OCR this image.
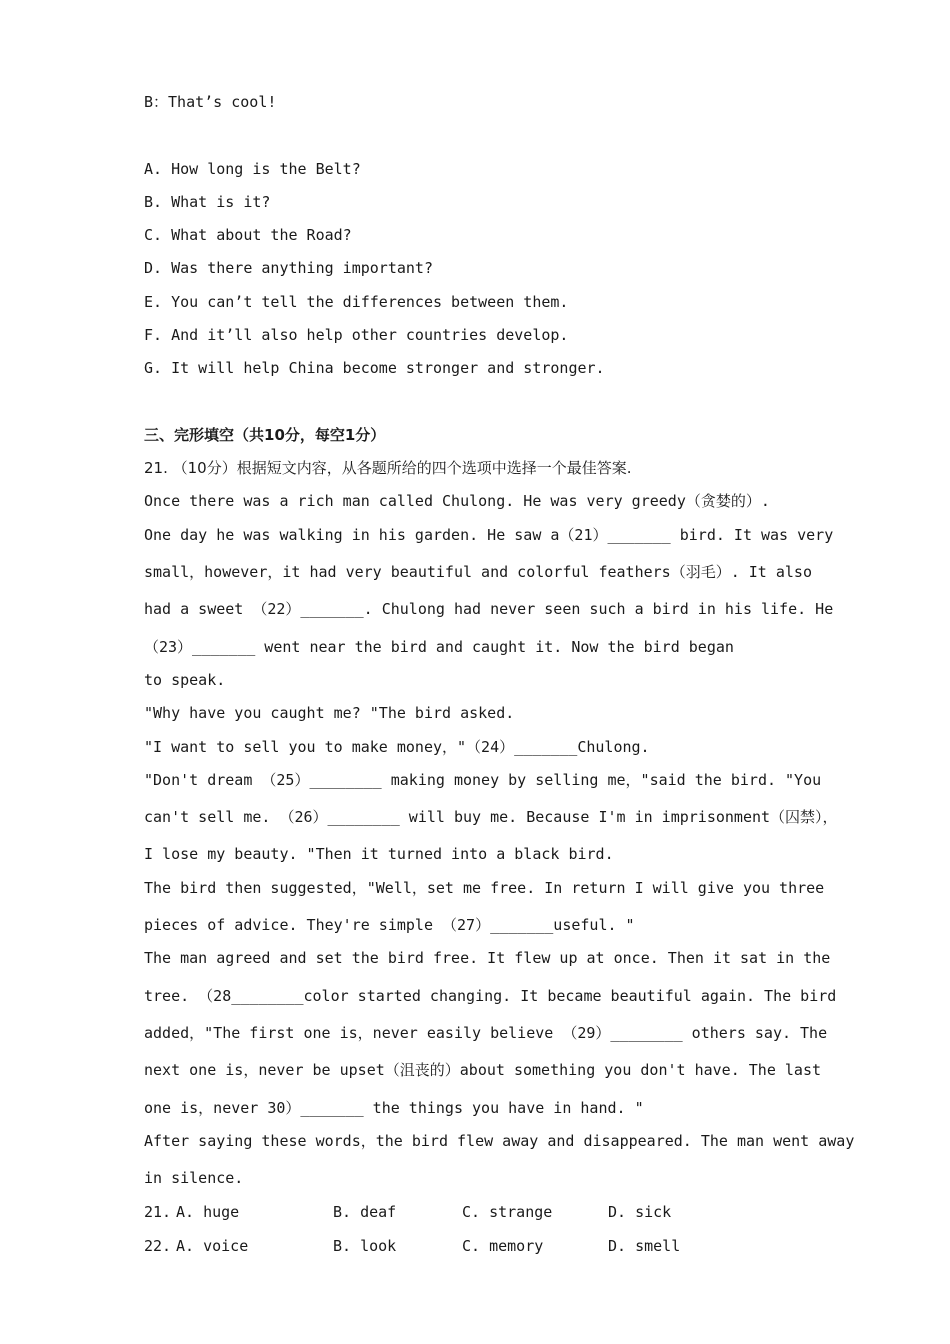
B：That’s cool!
A. How long is the Belt?
B. What is it?
C. What about the Road?
D. Was there anything important?
E. You can’t tell the differences between them.
F. And it’ll also help other countries develop.
G. It will help China become stronger and stronger.
三、完形填空（共10分，每空1分）
21. （10分）根据短文内容，从各题所给的四个选项中选择一个最佳答案.
Once there was a rich man called Chulong. He was very greedy（贪婪的）.
One day he was walking in his garden. He saw a（21）_______ bird. It was very
small，however，it had very beautiful and colorful feathers（羽毛）. It also
had a sweet （22）_______. Chulong had never seen such a bird in his life. He
（23）_______ went near the bird and caught it. Now the bird began
to speak.
"Why have you caught me? "The bird asked.
"I want to sell you to make money，"（24）_______Chulong.
"Don't dream （25）________ making money by selling me，"said the bird. "You
can't sell me. （26）________ will buy me. Because I'm in imprisonment（囚禁），
I lose my beauty. "Then it turned into a black bird.
The bird then suggested，"Well，set me free. In return I will give you three
pieces of advice. They're simple （27）_______useful. "
The man agreed and set the bird free. It flew up at once. Then it sat in the
tree. （28________color started changing. It became beautiful again. The bird
added，"The first one is，never easily believe （29）________ others say. The
next one is，never be upset（沮丧的）about something you don't have. The last
one is，never 30）_______ the things you have in hand. "
After saying these words，the bird flew away and disappeared. The man went away
in silence.
21. A. huge	B. deaf	C. strange	D. sick
22. A. voice	B. look	C. memory	D. smell
